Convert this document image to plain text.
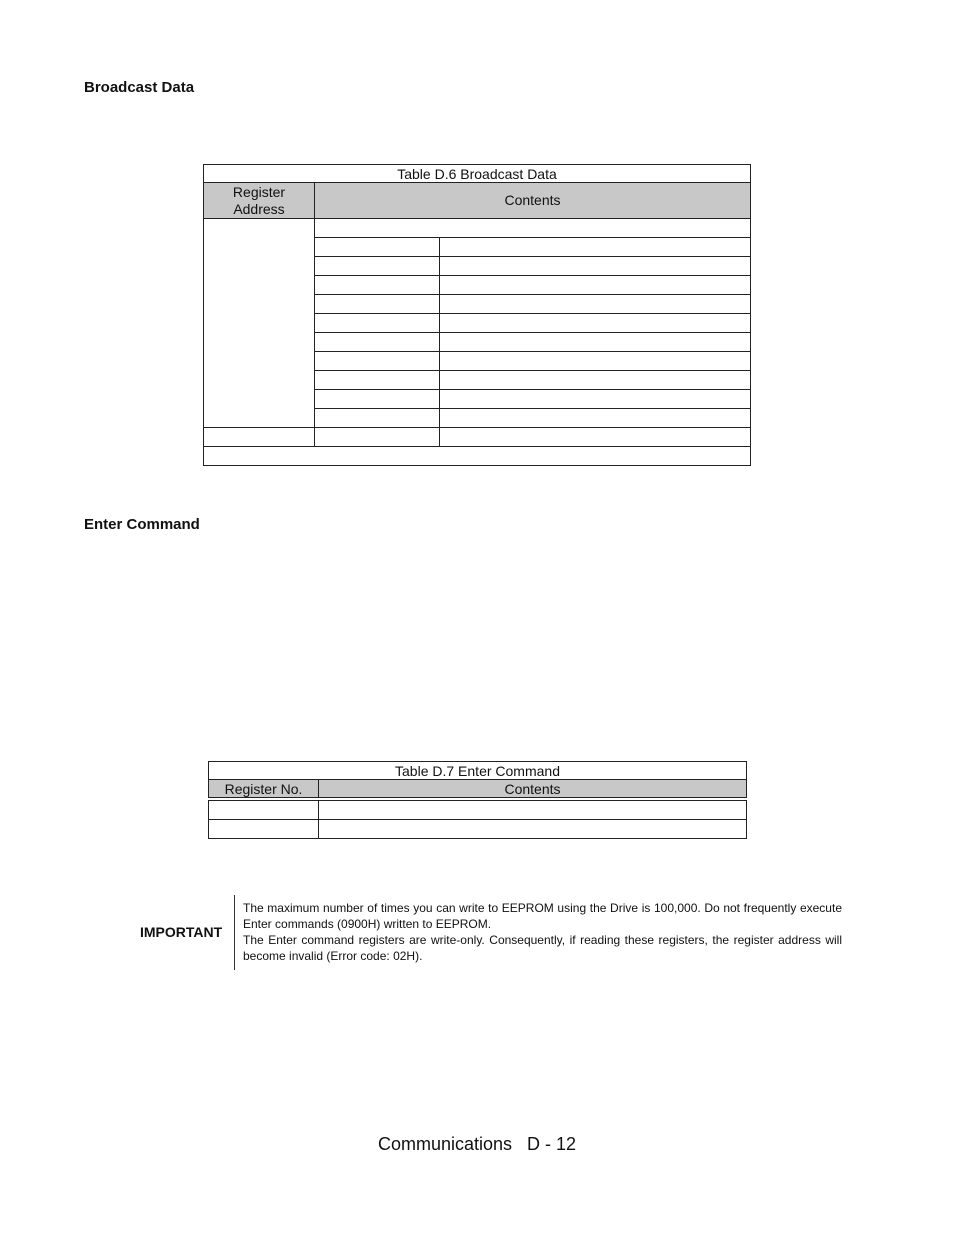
Broadcast Data
Table D.6 Broadcast Data		
Register
Address	Contents	

Enter Command
Table D.7 Enter Command	
Register No.	Contents

IMPORTANT

The maximum number of times you can write to EEPROM using the Drive is 100,000. Do not frequently execute Enter commands (0900H) written to EEPROM.

The Enter command registers are write-only. Consequently, if reading these registers, the register address will become invalid (Error code: 02H).

Communications   D - 12
